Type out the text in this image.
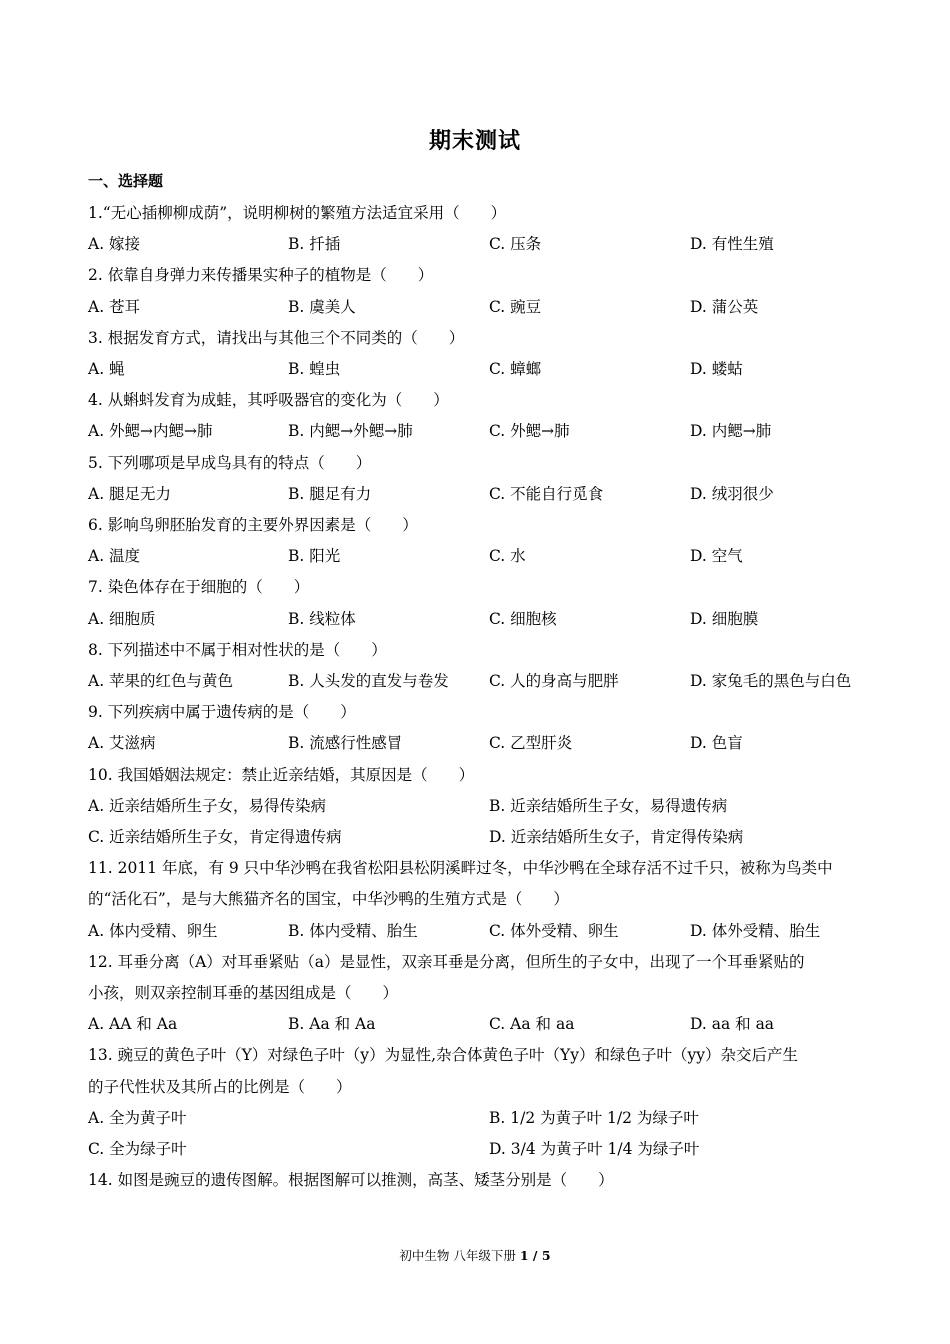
期末测试
一、选择题
1.“无心插柳柳成荫”，说明柳树的繁殖方法适宜采用（　　）
A. 嫁接	B. 扦插	C. 压条	D. 有性生殖
2. 依靠自身弹力来传播果实种子的植物是（　　）
A. 苍耳	B. 虞美人	C. 豌豆	D. 蒲公英
3. 根据发育方式，请找出与其他三个不同类的（　　）
A. 蝇	B. 蝗虫	C. 蟑螂	D. 蝼蛄
4. 从蝌蚪发育为成蛙，其呼吸器官的变化为（　　）
A. 外鳃→内鳃→肺	B. 内鳃→外鳃→肺	C. 外鳃→肺	D. 内鳃→肺
5. 下列哪项是早成鸟具有的特点（　　）
A. 腿足无力	B. 腿足有力	C. 不能自行觅食	D. 绒羽很少
6. 影响鸟卵胚胎发育的主要外界因素是（　　）
A. 温度	B. 阳光	C. 水	D. 空气
7. 染色体存在于细胞的（　　）
A. 细胞质	B. 线粒体	C. 细胞核	D. 细胞膜
8. 下列描述中不属于相对性状的是（　　）
A. 苹果的红色与黄色	B. 人头发的直发与卷发	C. 人的身高与肥胖	D. 家兔毛的黑色与白色
9. 下列疾病中属于遗传病的是（　　）
A. 艾滋病	B. 流感行性感冒	C. 乙型肝炎	D. 色盲
10. 我国婚姻法规定：禁止近亲结婚，其原因是（　　）
A. 近亲结婚所生子女，易得传染病	B. 近亲结婚所生子女，易得遗传病
C. 近亲结婚所生子女，肯定得遗传病	D. 近亲结婚所生女子，肯定得传染病
11. 2011 年底，有 9 只中华沙鸭在我省松阳县松阴溪畔过冬，中华沙鸭在全球存活不过千只，被称为鸟类中
的“活化石”，是与大熊猫齐名的国宝，中华沙鸭的生殖方式是（　　）
A. 体内受精、卵生	B. 体内受精、胎生	C. 体外受精、卵生	D. 体外受精、胎生
12. 耳垂分离（A）对耳垂紧贴（a）是显性，双亲耳垂是分离，但所生的子女中，出现了一个耳垂紧贴的
小孩，则双亲控制耳垂的基因组成是（　　）
A. AA 和 Aa	B. Aa 和 Aa	C. Aa 和 aa	D. aa 和 aa
13. 豌豆的黄色子叶（Y）对绿色子叶（y）为显性,杂合体黄色子叶（Yy）和绿色子叶（yy）杂交后产生
的子代性状及其所占的比例是（　　）
A. 全为黄子叶	B. 1/2 为黄子叶 1/2 为绿子叶
C. 全为绿子叶	D. 3/4 为黄子叶 1/4 为绿子叶
14. 如图是豌豆的遗传图解。根据图解可以推测，高茎、矮茎分别是（　　）
初中生物 八年级下册 1 / 5
